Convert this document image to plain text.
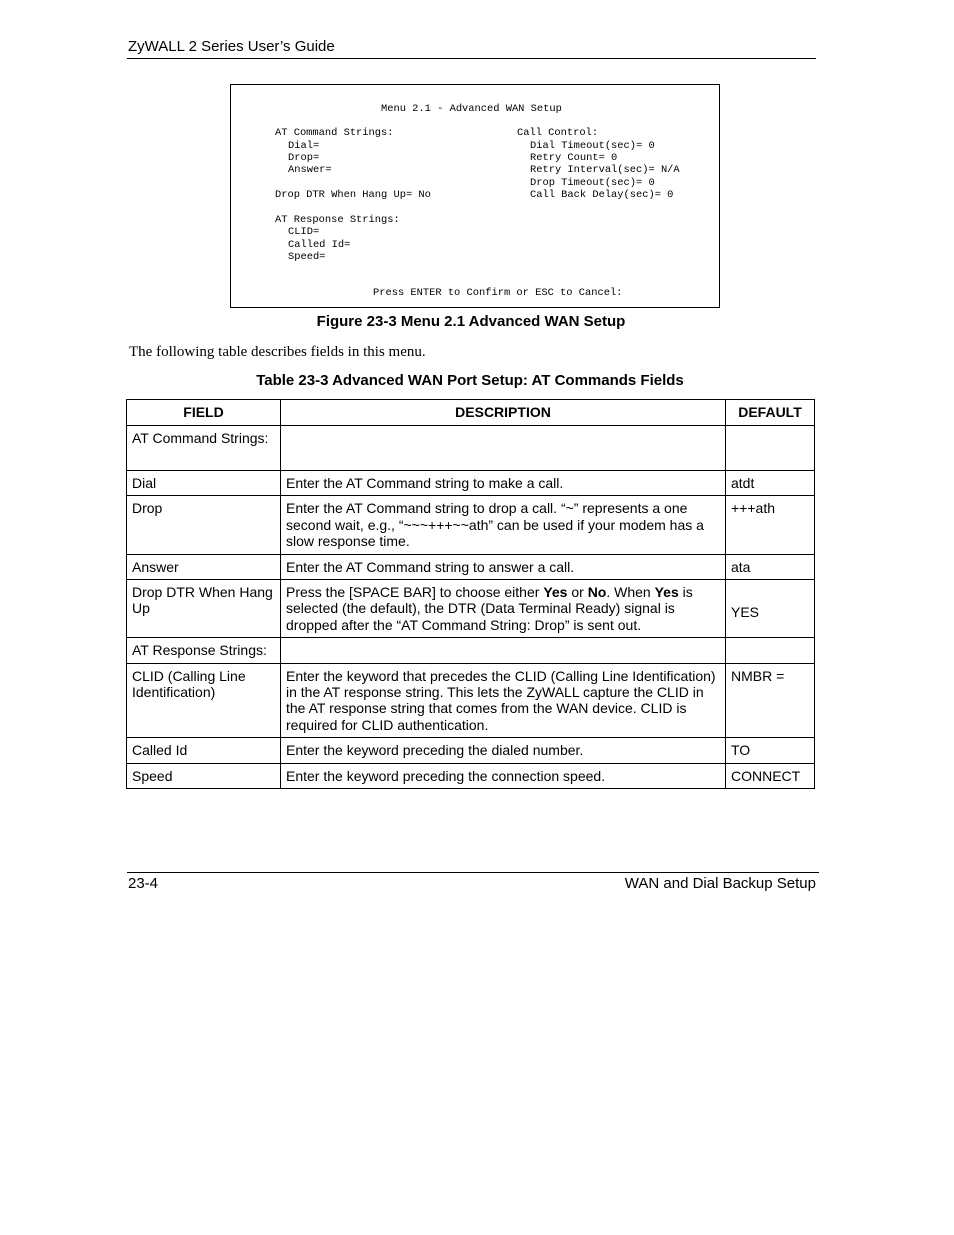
ZyWALL 2 Series User’s Guide
Menu 2.1 - Advanced WAN Setup
AT Command Strings:
Dial=
Drop=
Answer=
Drop DTR When Hang Up= No
AT Response Strings:
CLID=
Called Id=
Speed=
Call Control:
Dial Timeout(sec)= 0
Retry Count= 0
Retry Interval(sec)= N/A
Drop Timeout(sec)= 0
Call Back Delay(sec)= 0
Press ENTER to Confirm or ESC to Cancel:
Figure 23-3 Menu 2.1 Advanced WAN Setup
The following table describes fields in this menu.
Table 23-3 Advanced WAN Port Setup: AT Commands Fields
FIELD	DESCRIPTION	DEFAULT
AT Command Strings:		
Dial	Enter the AT Command string to make a call.	atdt
Drop	Enter the AT Command string to drop a call. “~” represents a one second wait, e.g., “~~~+++~~ath” can be used if your modem has a slow response time.	+++ath
Answer	Enter the AT Command string to answer a call.	ata
Drop DTR When Hang Up	Press the [SPACE BAR] to choose either Yes or No. When Yes is selected (the default), the DTR (Data Terminal Ready) signal is dropped after the “AT Command String: Drop” is sent out.	YES
AT Response Strings:		
CLID (Calling Line Identification)	Enter the keyword that precedes the CLID (Calling Line Identification) in the AT response string. This lets the ZyWALL capture the CLID in the AT response string that comes from the WAN device. CLID is required for CLID authentication.	NMBR =
Called Id	Enter the keyword preceding the dialed number.	TO
Speed	Enter the keyword preceding the connection speed.	CONNECT
23-4	WAN and Dial Backup Setup
